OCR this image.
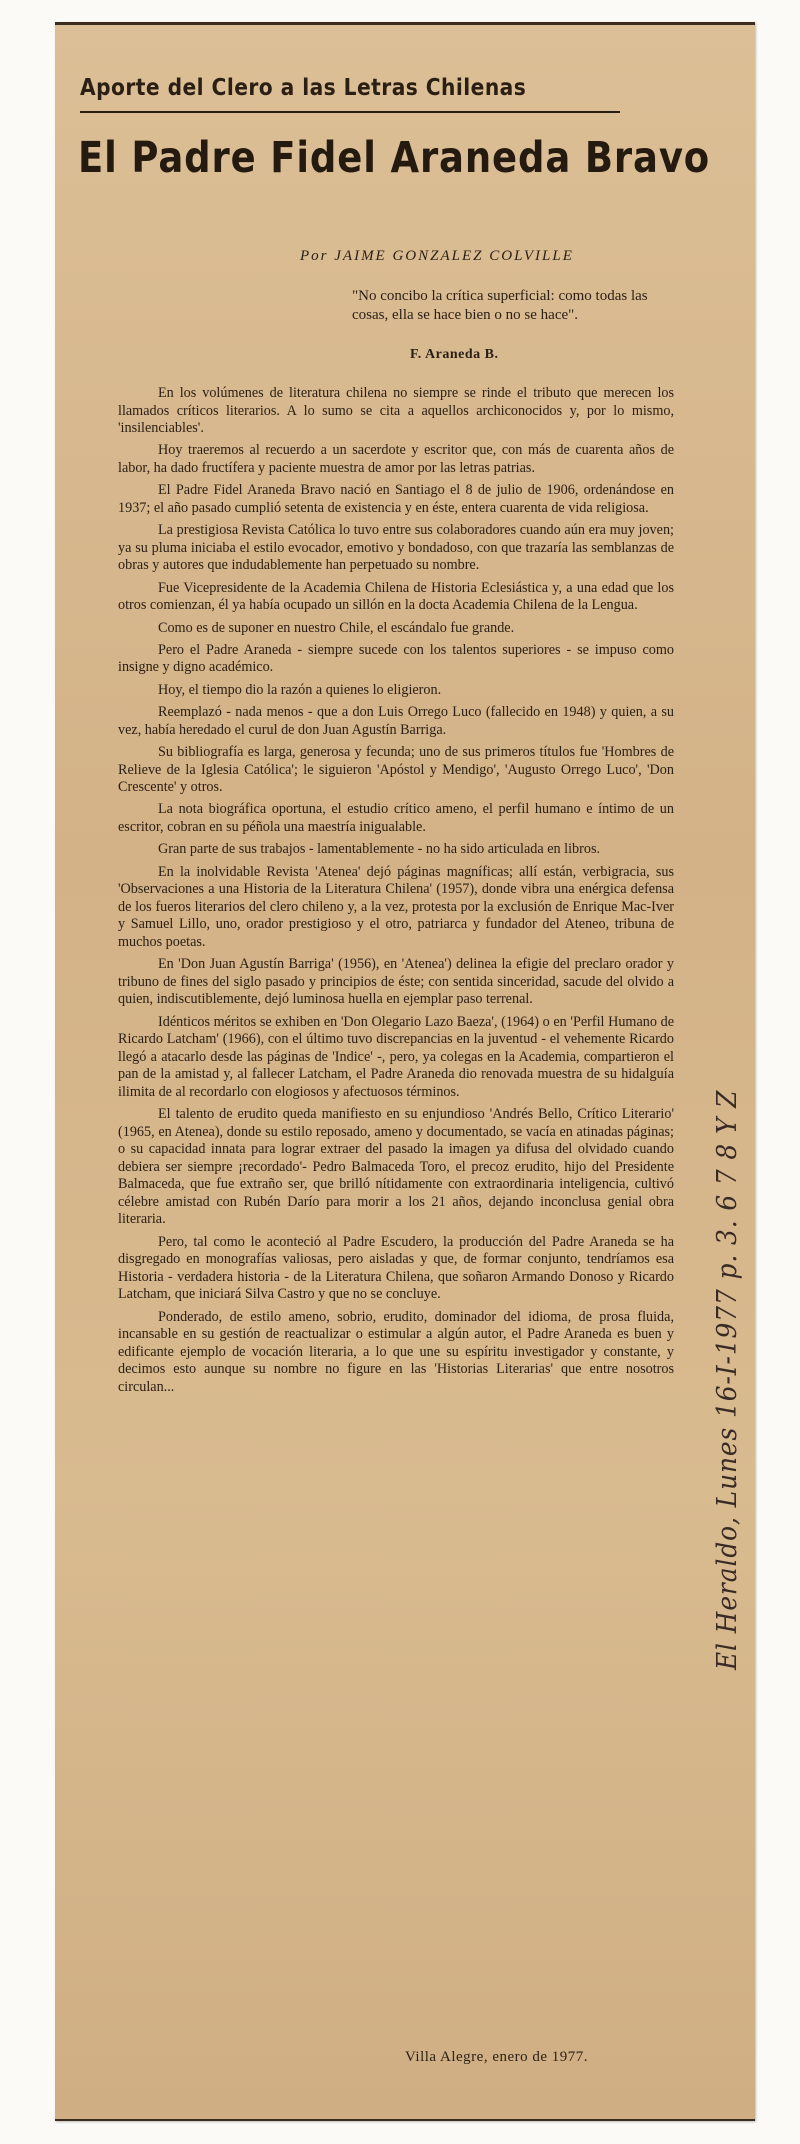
Aporte del Clero a las Letras Chilenas
El Padre Fidel Araneda Bravo
Por JAIME GONZALEZ COLVILLE
"No concibo la crítica superficial: como todas las cosas, ella se hace bien o no se hace".
F. Araneda B.

En los volúmenes de literatura chilena no siempre se rinde el tributo que merecen los llamados críticos literarios. A lo sumo se cita a aquellos archiconocidos y, por lo mismo, 'insilenciables'.

Hoy traeremos al recuerdo a un sacerdote y escritor que, con más de cuarenta años de labor, ha dado fructífera y paciente muestra de amor por las letras patrias.

El Padre Fidel Araneda Bravo nació en Santiago el 8 de julio de 1906, ordenándose en 1937; el año pasado cumplió setenta de existencia y en éste, entera cuarenta de vida religiosa.

La prestigiosa Revista Católica lo tuvo entre sus colaboradores cuando aún era muy joven; ya su pluma iniciaba el estilo evocador, emotivo y bondadoso, con que trazaría las semblanzas de obras y autores que indudablemente han perpetuado su nombre.

Fue Vicepresidente de la Academia Chilena de Historia Eclesiástica y, a una edad que los otros comienzan, él ya había ocupado un sillón en la docta Academia Chilena de la Lengua.

Como es de suponer en nuestro Chile, el escándalo fue grande.

Pero el Padre Araneda - siempre sucede con los talentos superiores - se impuso como insigne y digno académico.

Hoy, el tiempo dio la razón a quienes lo eligieron.

Reemplazó - nada menos - que a don Luis Orrego Luco (fallecido en 1948) y quien, a su vez, había heredado el curul de don Juan Agustín Barriga.

Su bibliografía es larga, generosa y fecunda; uno de sus primeros títulos fue 'Hombres de Relieve de la Iglesia Católica'; le siguieron 'Apóstol y Mendigo', 'Augusto Orrego Luco', 'Don Crescente' y otros.

La nota biográfica oportuna, el estudio crítico ameno, el perfil humano e íntimo de un escritor, cobran en su péñola una maestría inigualable.

Gran parte de sus trabajos - lamentablemente - no ha sido articulada en libros.

En la inolvidable Revista 'Atenea' dejó páginas magníficas; allí están, verbigracia, sus 'Observaciones a una Historia de la Literatura Chilena' (1957), donde vibra una enérgica defensa de los fueros literarios del clero chileno y, a la vez, protesta por la exclusión de Enrique Mac-Iver y Samuel Lillo, uno, orador prestigioso y el otro, patriarca y fundador del Ateneo, tribuna de muchos poetas.

En 'Don Juan Agustín Barriga' (1956), en 'Atenea') delinea la efigie del preclaro orador y tribuno de fines del siglo pasado y principios de éste; con sentida sinceridad, sacude del olvido a quien, indiscutiblemente, dejó luminosa huella en ejemplar paso terrenal.

Idénticos méritos se exhiben en 'Don Olegario Lazo Baeza', (1964) o en 'Perfil Humano de Ricardo Latcham' (1966), con el último tuvo discrepancias en la juventud - el vehemente Ricardo llegó a atacarlo desde las páginas de 'Indice' -, pero, ya colegas en la Academia, compartieron el pan de la amistad y, al fallecer Latcham, el Padre Araneda dio renovada muestra de su hidalguía ilimita de al recordarlo con elogiosos y afectuosos términos.

El talento de erudito queda manifiesto en su enjundioso 'Andrés Bello, Crítico Literario' (1965, en Atenea), donde su estilo reposado, ameno y documentado, se vacía en atinadas páginas; o su capacidad innata para lograr extraer del pasado la imagen ya difusa del olvidado cuando debiera ser siempre ¡recordado'- Pedro Balmaceda Toro, el precoz erudito, hijo del Presidente Balmaceda, que fue extraño ser, que brilló nítidamente con extraordinaria inteligencia, cultivó célebre amistad con Rubén Darío para morir a los 21 años, dejando inconclusa genial obra literaria.

Pero, tal como le aconteció al Padre Escudero, la producción del Padre Araneda se ha disgregado en monografías valiosas, pero aisladas y que, de formar conjunto, tendríamos esa Historia - verdadera historia - de la Literatura Chilena, que soñaron Armando Donoso y Ricardo Latcham, que iniciará Silva Castro y que no se concluye.

Ponderado, de estilo ameno, sobrio, erudito, dominador del idioma, de prosa fluida, incansable en su gestión de reactualizar o estimular a algún autor, el Padre Araneda es buen y edificante ejemplo de vocación literaria, a lo que une su espíritu investigador y constante, y decimos esto aunque su nombre no figure en las 'Historias Literarias' que entre nosotros circulan...

Villa Alegre, enero de 1977.
El Heraldo, Lunes 16-I-1977 p. 3. 6 7 8 Y Z
